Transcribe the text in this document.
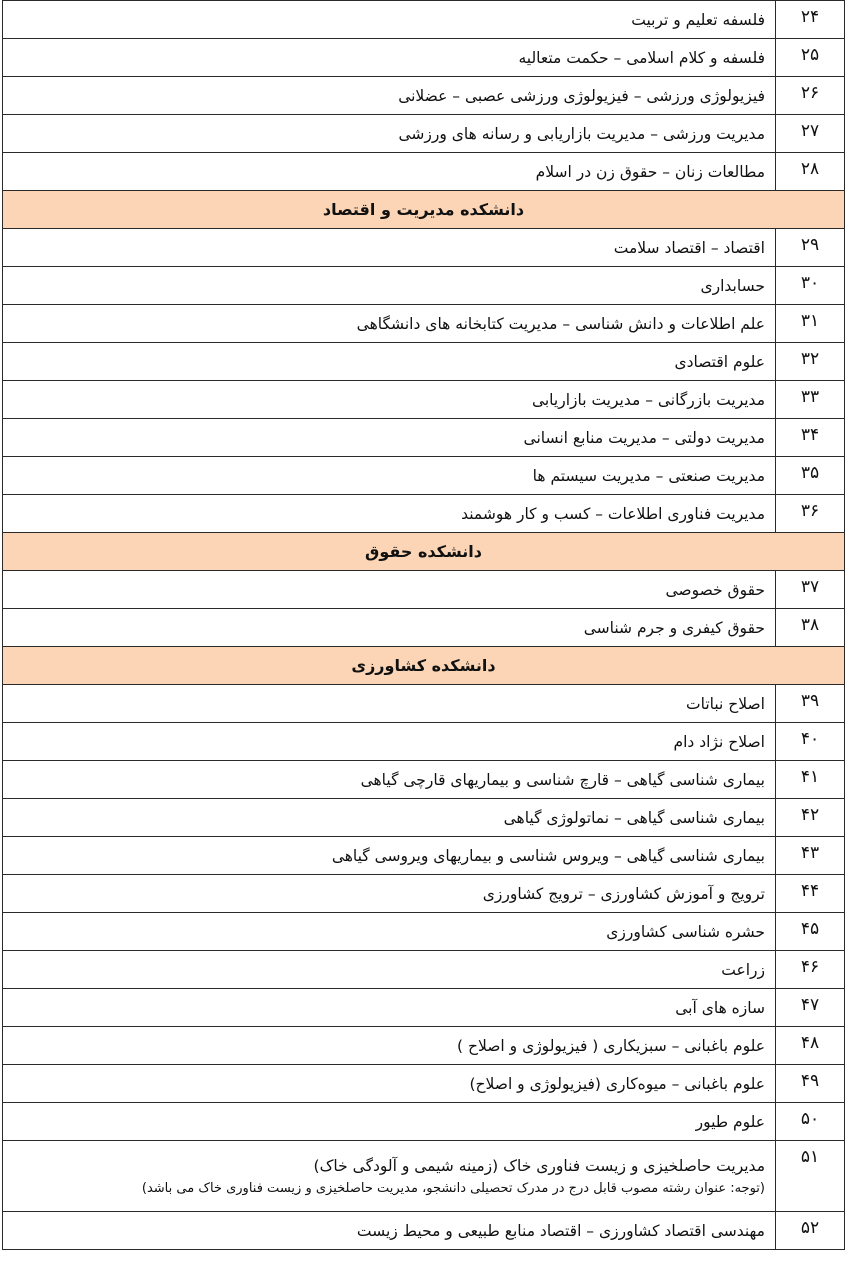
۲۴	فلسفه تعلیم و تربیت
۲۵	فلسفه و کلام اسلامی – حکمت متعالیه
۲۶	فیزیولوژی ورزشی – فیزیولوژی ورزشی عصبی – عضلانی
۲۷	مدیریت ورزشی – مدیریت بازاریابی و رسانه های ورزشی
۲۸	مطالعات زنان – حقوق زن در اسلام
دانشکده مدیریت و اقتصاد	
۲۹	اقتصاد – اقتصاد سلامت
۳۰	حسابداری
۳۱	علم اطلاعات و دانش شناسی – مدیریت کتابخانه های دانشگاهی
۳۲	علوم اقتصادی
۳۳	مدیریت بازرگانی – مدیریت بازاریابی
۳۴	مدیریت دولتی – مدیریت منابع انسانی
۳۵	مدیریت صنعتی – مدیریت سیستم ها
۳۶	مدیریت فناوری اطلاعات – کسب و کار هوشمند
دانشکده حقوق	
۳۷	حقوق خصوصی
۳۸	حقوق کیفری و جرم شناسی
دانشکده کشاورزی	
۳۹	اصلاح نباتات
۴۰	اصلاح نژاد دام
۴۱	بیماری شناسی گیاهی – قارچ شناسی و بیماریهای قارچی گیاهی
۴۲	بیماری شناسی گیاهی – نماتولوژی گیاهی
۴۳	بیماری شناسی گیاهی – ویروس شناسی و بیماریهای ویروسی گیاهی
۴۴	ترویج و آموزش کشاورزی – ترویج کشاورزی
۴۵	حشره شناسی کشاورزی
۴۶	زراعت
۴۷	سازه های آبی
۴۸	علوم باغبانی – سبزیکاری ( فیزیولوژی و اصلاح )
۴۹	علوم باغبانی – میوه‌کاری (فیزیولوژی و اصلاح)
۵۰	علوم طیور
۵۱	مدیریت حاصلخیزی و زیست فناوری خاک (زمینه شیمی و آلودگی خاک)
(توجه: عنوان رشته مصوب قابل درج در مدرک تحصیلی دانشجو، مدیریت حاصلخیزی و زیست فناوری خاک می باشد)

۵۲	مهندسی اقتصاد کشاورزی – اقتصاد منابع طبیعی و محیط زیست
